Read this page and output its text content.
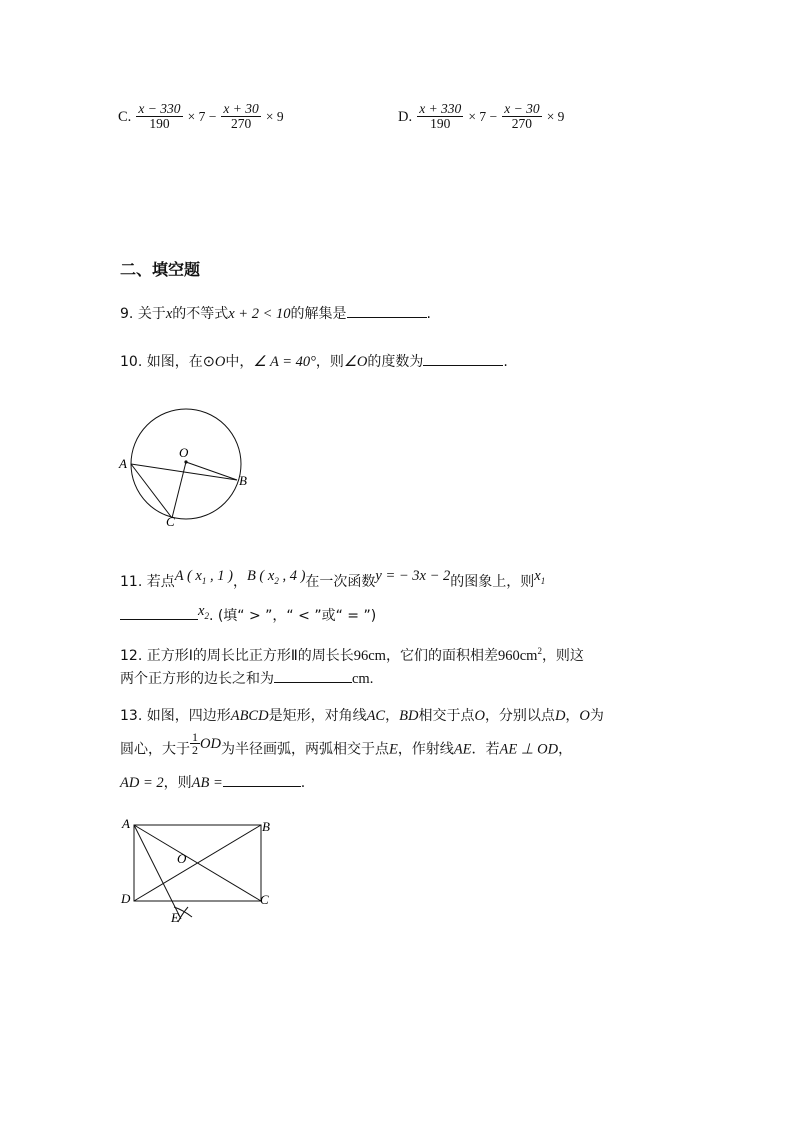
C. $\frac{x - 330}{190} \times 7 - \frac{x + 30}{270} \times 9$	D. $\frac{x + 330}{190} \times 7 - \frac{x - 30}{270} \times 9$
二、填空题
9. 关于x的不等式x + 2 < 10的解集是	.
10. 如图，在⊙O中，∠ A = 40°，则∠O的度数为	.
A
B
C
O
11. 若点A ( $x_1$ , 1 )，B ( $x_2$ , 4 )在一次函数y = − 3x − 2的图象上，则$x_1$
$x_2$. (填“ > ”，“ < ”或“ = ”)
12. 正方形Ⅰ的周长比正方形Ⅱ的周长长96cm，它们的面积相差$960cm^2$，则这
两个正方形的边长之和为	cm.
13. 如图，四边形ABCD是矩形，对角线AC，BD相交于点O，分别以点D，O为
圆心，大于 $\frac{1}{2}$ OD为半径画弧，两弧相交于点E，作射线AE．若AE ⊥ OD，
AD = 2，则AB =	.
A	B
C
D
O
E
